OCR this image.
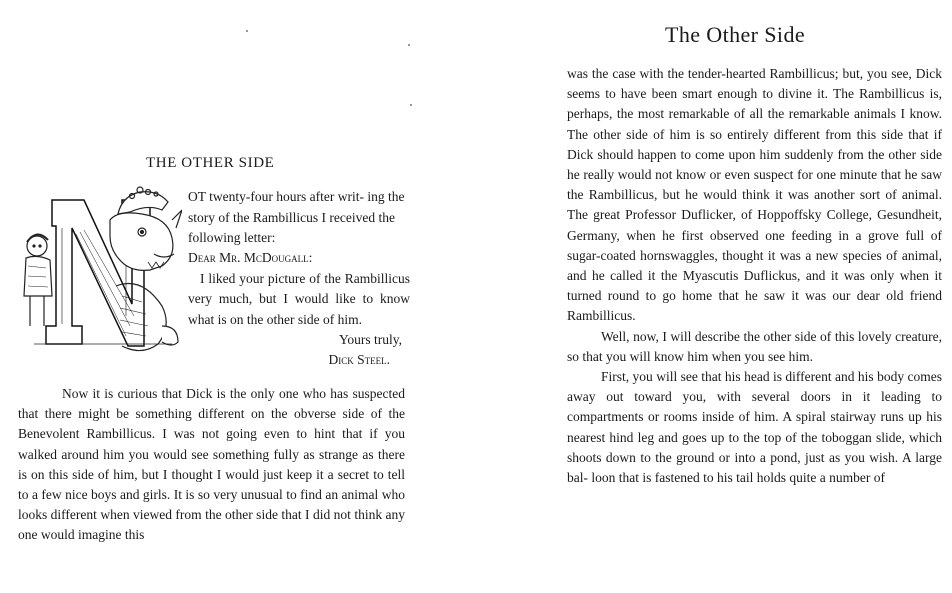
THE OTHER SIDE

OT twenty-four hours after writ- ing the story of the Rambillicus I received the following letter:

Dear Mr. McDougall:

I liked your picture of the Rambillicus very much, but I would like to know what is on the other side of him.

Yours truly,
Dick Steel.

Now it is curious that Dick is the only one who has suspected that there might be something different on the obverse side of the Benevolent Rambillicus. I was not going even to hint that if you walked around him you would see something fully as strange as there is on this side of him, but I thought I would just keep it a secret to tell to a few nice boys and girls. It is so very unusual to find an animal who looks different when viewed from the other side that I did not think any one would imagine this

The Other Side

was the case with the tender-hearted Rambillicus; but, you see, Dick seems to have been smart enough to divine it. The Rambillicus is, perhaps, the most remarkable of all the remarkable animals I know. The other side of him is so entirely different from this side that if Dick should happen to come upon him suddenly from the other side he really would not know or even suspect for one minute that he saw the Rambillicus, but he would think it was another sort of animal. The great Professor Duflicker, of Hoppoffsky College, Gesundheit, Germany, when he first observed one feeding in a grove full of sugar-coated hornswaggles, thought it was a new species of animal, and he called it the Myascutis Duflickus, and it was only when it turned round to go home that he saw it was our dear old friend Rambillicus.

Well, now, I will describe the other side of this lovely creature, so that you will know him when you see him.

First, you will see that his head is different and his body comes away out toward you, with several doors in it leading to compartments or rooms inside of him. A spiral stairway runs up his nearest hind leg and goes up to the top of the toboggan slide, which shoots down to the ground or into a pond, just as you wish. A large bal- loon that is fastened to his tail holds quite a number of
